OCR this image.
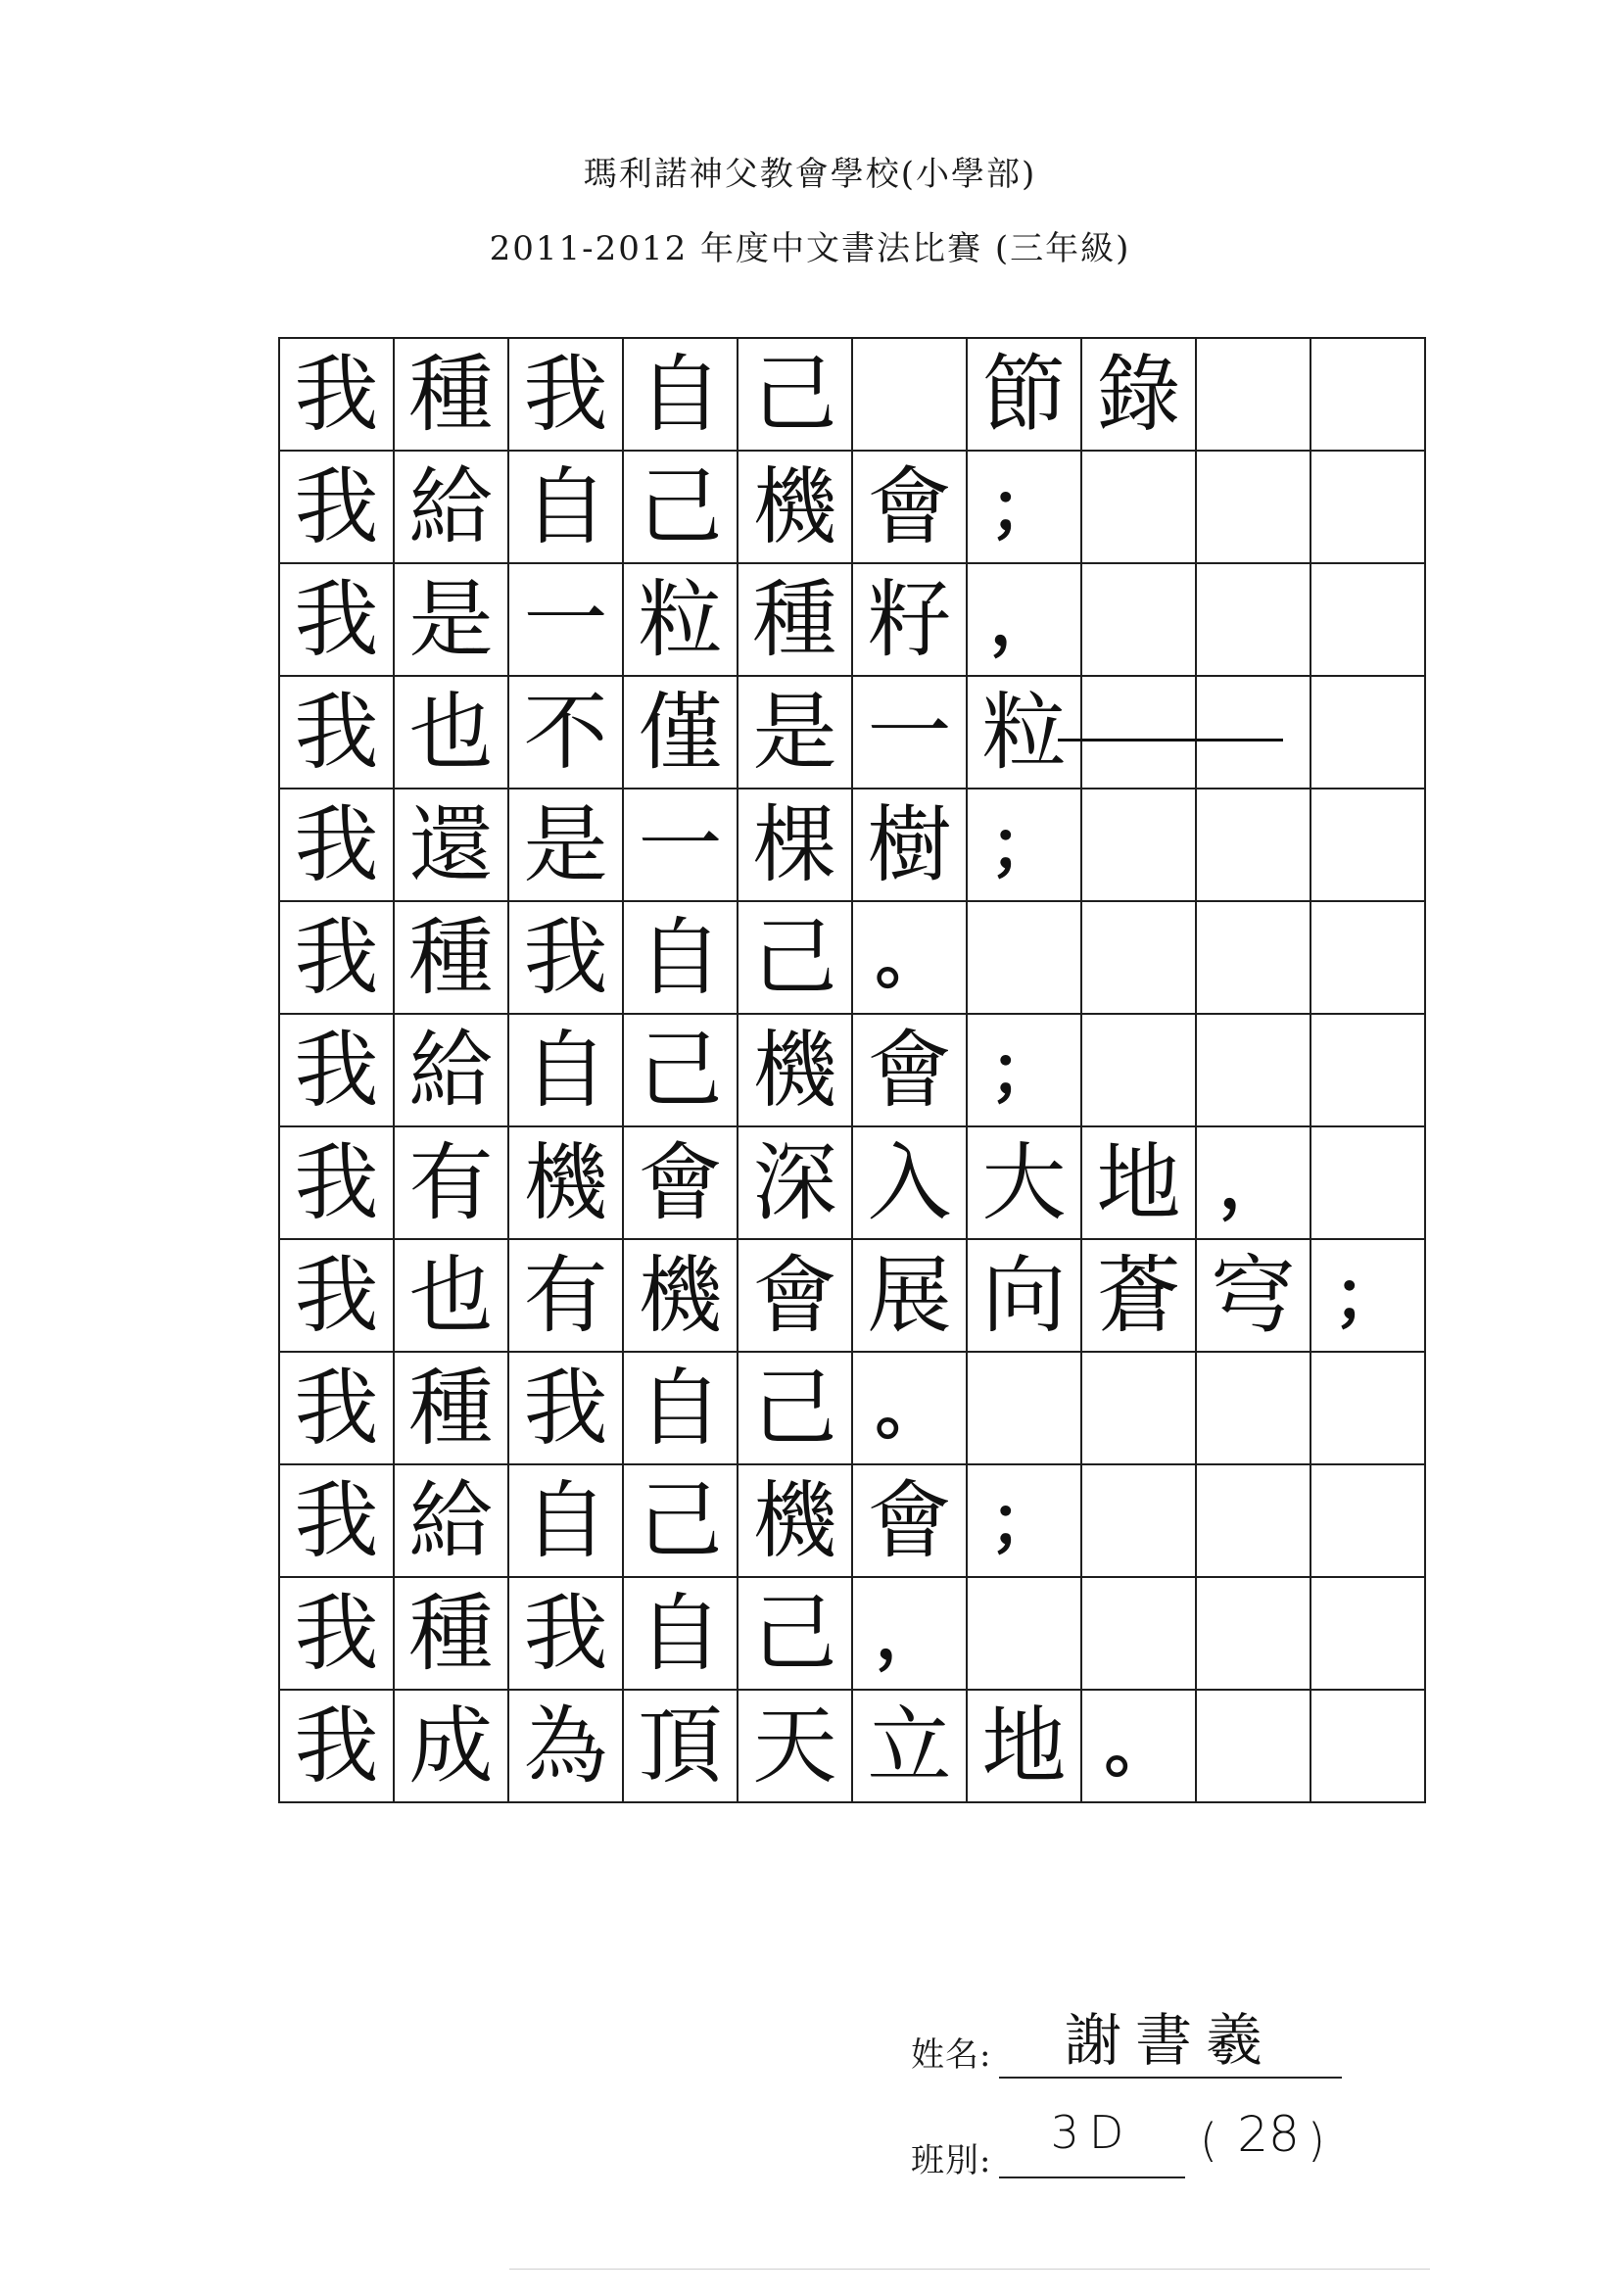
瑪利諾神父教會學校(小學部)
2011-2012 年度中文書法比賽 (三年級)
我	種	我	自	己		節	錄		
我	給	自	己	機	會	；			
我	是	一	粒	種	籽	，			
我	也	不	僅	是	一	粒			
我	還	是	一	棵	樹	；			
我	種	我	自	己	。				
我	給	自	己	機	會	；			
我	有	機	會	深	入	大	地	，	
我	也	有	機	會	展	向	蒼	穹	；
我	種	我	自	己	。				
我	給	自	己	機	會	；			
我	種	我	自	己	，				
我	成	為	頂	天	立	地	。		
姓名:	謝書羲
班別:
3D	( 28 )
